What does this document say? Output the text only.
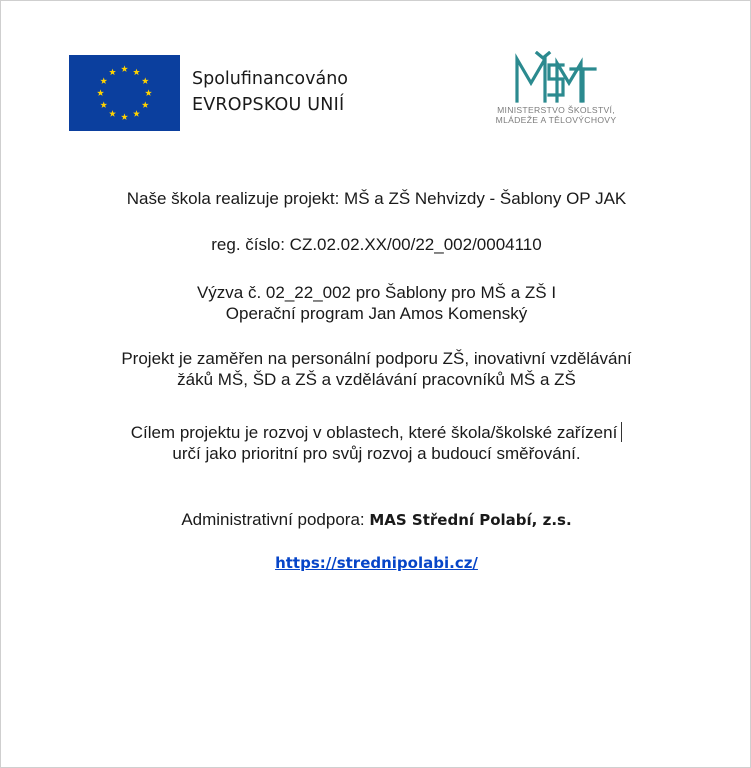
Spolufinancováno
EVROPSKOU UNIÍ	MINISTERSTVO ŠKOLSTVÍ,
MLÁDEŽE A TĚLOVÝCHOVY

Naše škola realizuje projekt: MŠ a ZŠ Nehvizdy - Šablony OP JAK

reg. číslo: CZ.02.02.XX/00/22_002/0004110

Výzva č. 02_22_002 pro Šablony pro MŠ a ZŠ I
Operační program Jan Amos Komenský

Projekt je zaměřen na personální podporu ZŠ, inovativní vzdělávání
žáků MŠ, ŠD a ZŠ a vzdělávání pracovníků MŠ a ZŠ

Cílem projektu je rozvoj v oblastech, které škola/školské zařízení
určí jako prioritní pro svůj rozvoj a budoucí směřování.

Administrativní podpora: MAS Střední Polabí, z.s.

https://strednipolabi.cz/
